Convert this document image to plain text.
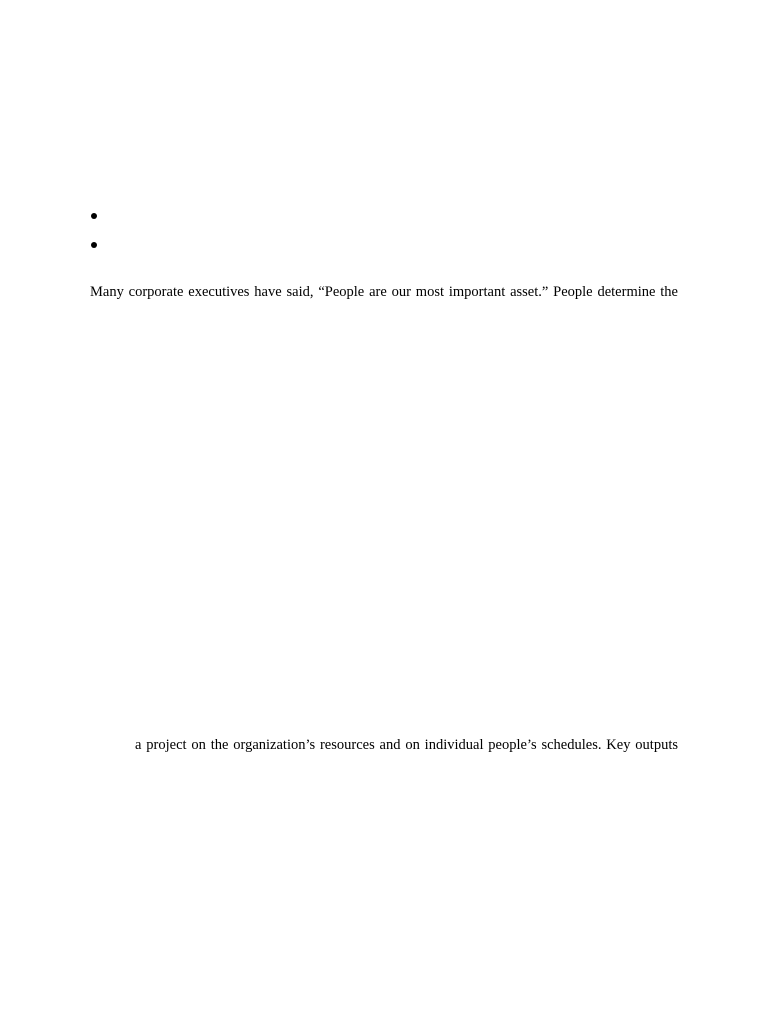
Many corporate executives have said, “People are our most important asset.” People determine the
a project on the organization’s resources and on individual people’s schedules. Key outputs
